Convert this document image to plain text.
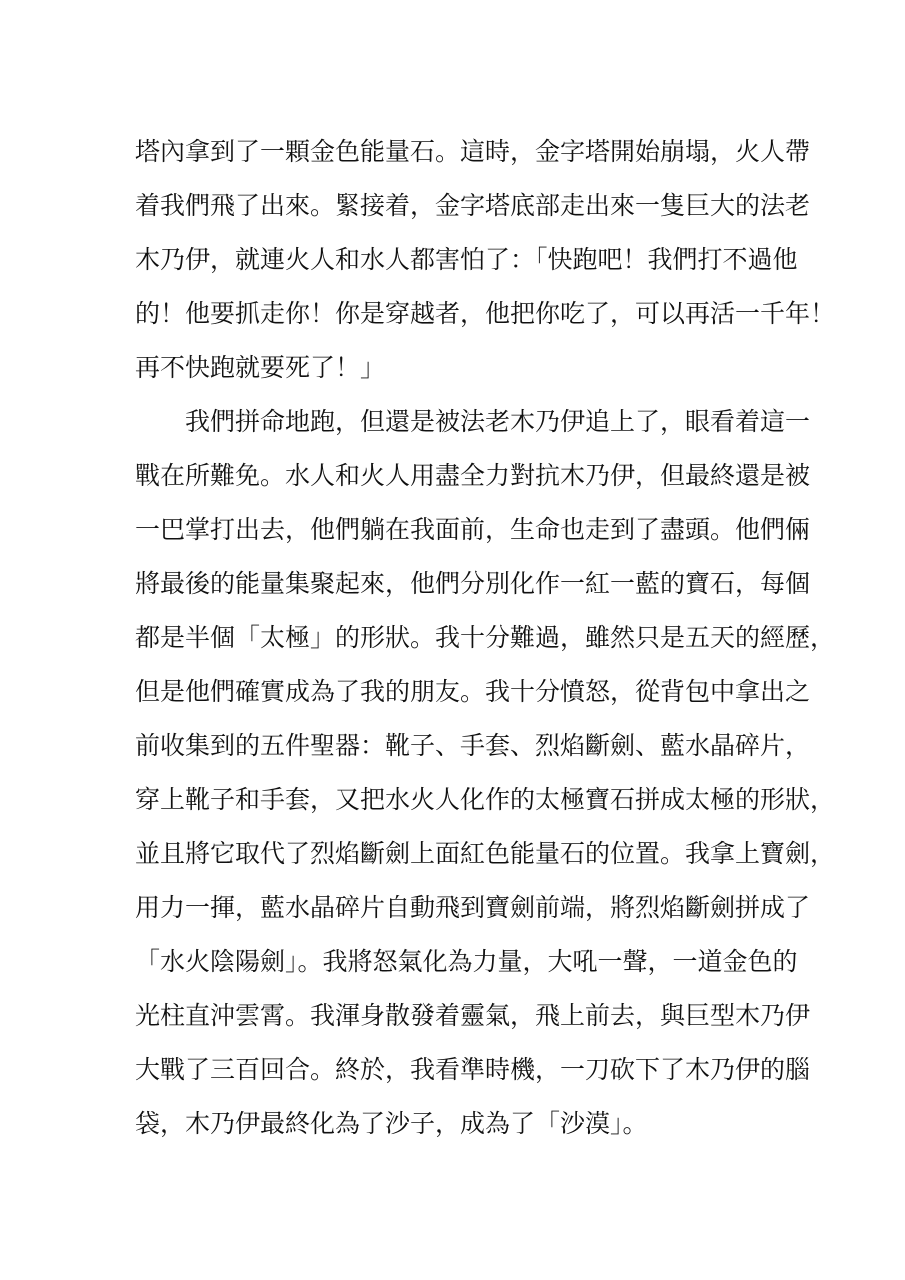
塔內拿到了一顆金色能量石。這時，金字塔開始崩塌，火人帶
着我們飛了出來。緊接着，金字塔底部走出來一隻巨大的法老
木乃伊，就連火人和水人都害怕了：「快跑吧！我們打不過他
的！他要抓走你！你是穿越者，他把你吃了，可以再活一千年！
再不快跑就要死了！」
我們拼命地跑，但還是被法老木乃伊追上了，眼看着這一
戰在所難免。水人和火人用盡全力對抗木乃伊，但最終還是被
一巴掌打出去，他們躺在我面前，生命也走到了盡頭。他們倆
將最後的能量集聚起來，他們分別化作一紅一藍的寶石，每個
都是半個「太極」的形狀。我十分難過，雖然只是五天的經歷，
但是他們確實成為了我的朋友。我十分憤怒，從背包中拿出之
前收集到的五件聖器：靴子、手套、烈焰斷劍、藍水晶碎片，
穿上靴子和手套，又把水火人化作的太極寶石拼成太極的形狀，
並且將它取代了烈焰斷劍上面紅色能量石的位置。我拿上寶劍，
用力一揮，藍水晶碎片自動飛到寶劍前端，將烈焰斷劍拼成了
「水火陰陽劍」。我將怒氣化為力量，大吼一聲，一道金色的
光柱直沖雲霄。我渾身散發着靈氣，飛上前去，與巨型木乃伊
大戰了三百回合。終於，我看準時機，一刀砍下了木乃伊的腦
袋，木乃伊最終化為了沙子，成為了「沙漠」。
